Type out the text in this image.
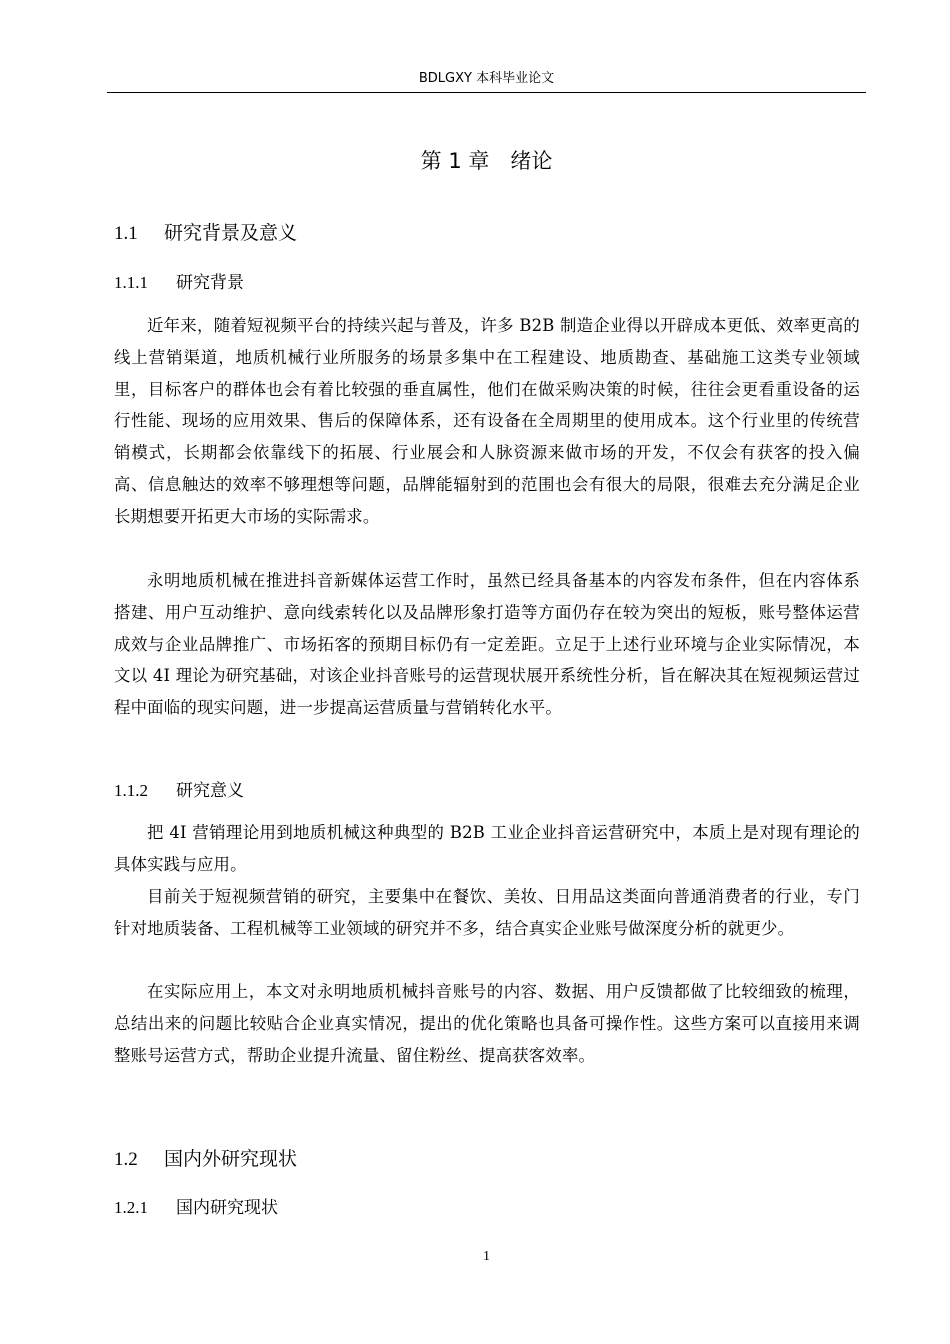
BDLGXY 本科毕业论文
第 1 章　绪论
1.1 研究背景及意义
1.1.1 研究背景

近年来，随着短视频平台的持续兴起与普及，许多 B2B 制造企业得以开辟成本更低、效率更高的线上营销渠道，地质机械行业所服务的场景多集中在工程建设、地质勘查、基础施工这类专业领域里，目标客户的群体也会有着比较强的垂直属性，他们在做采购决策的时候，往往会更看重设备的运行性能、现场的应用效果、售后的保障体系，还有设备在全周期里的使用成本。这个行业里的传统营销模式，长期都会依靠线下的拓展、行业展会和人脉资源来做市场的开发，不仅会有获客的投入偏高、信息触达的效率不够理想等问题，品牌能辐射到的范围也会有很大的局限，很难去充分满足企业长期想要开拓更大市场的实际需求。

永明地质机械在推进抖音新媒体运营工作时，虽然已经具备基本的内容发布条件，但在内容体系搭建、用户互动维护、意向线索转化以及品牌形象打造等方面仍存在较为突出的短板，账号整体运营成效与企业品牌推广、市场拓客的预期目标仍有一定差距。立足于上述行业环境与企业实际情况，本文以 4I 理论为研究基础，对该企业抖音账号的运营现状展开系统性分析，旨在解决其在短视频运营过程中面临的现实问题，进一步提高运营质量与营销转化水平。

1.1.2 研究意义

把 4I 营销理论用到地质机械这种典型的 B2B 工业企业抖音运营研究中，本质上是对现有理论的具体实践与应用。

目前关于短视频营销的研究，主要集中在餐饮、美妆、日用品这类面向普通消费者的行业，专门针对地质装备、工程机械等工业领域的研究并不多，结合真实企业账号做深度分析的就更少。

在实际应用上，本文对永明地质机械抖音账号的内容、数据、用户反馈都做了比较细致的梳理，总结出来的问题比较贴合企业真实情况，提出的优化策略也具备可操作性。这些方案可以直接用来调整账号运营方式，帮助企业提升流量、留住粉丝、提高获客效率。

1.2 国内外研究现状
1.2.1 国内研究现状
1
